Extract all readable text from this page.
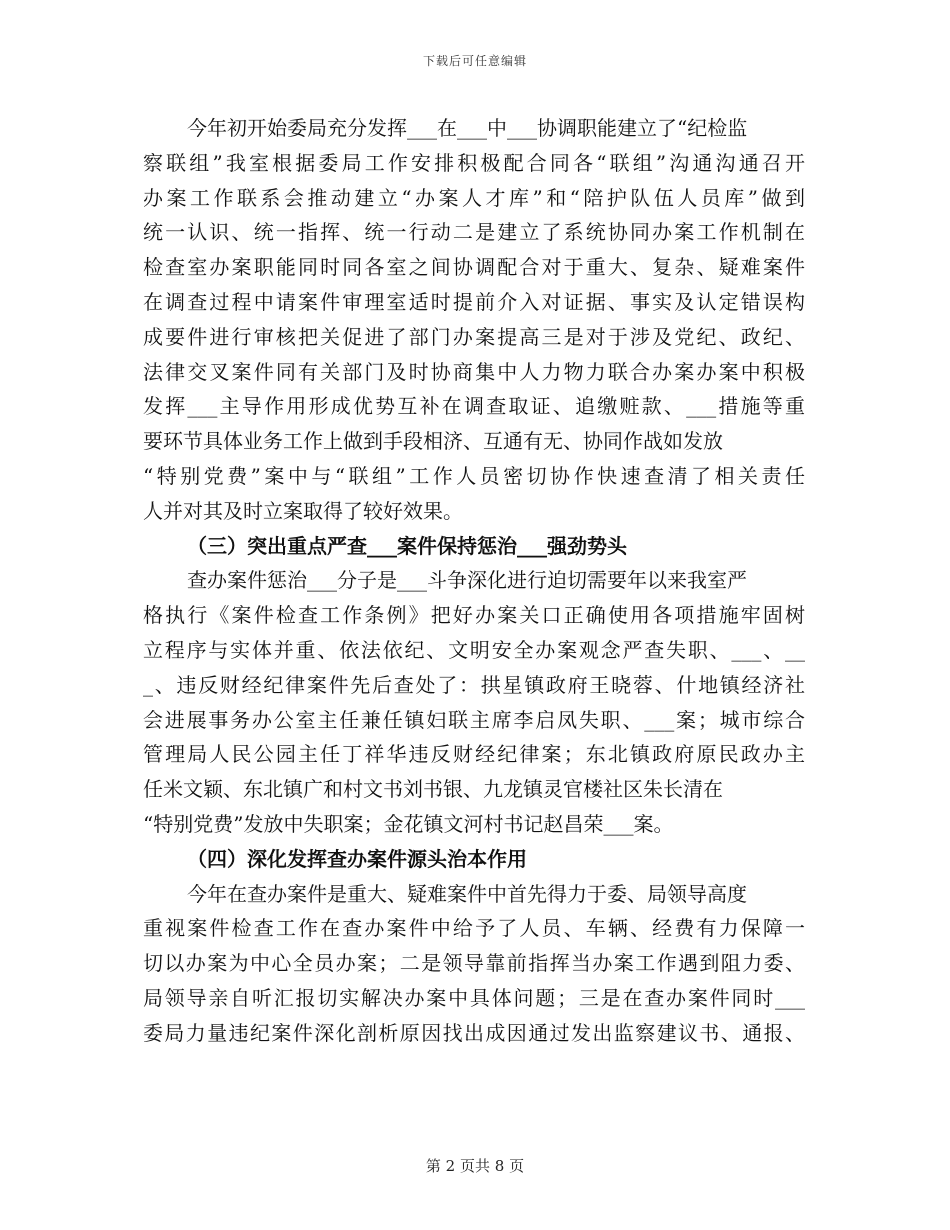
下载后可任意编辑
今年初开始委局充分发挥___在___中___协调职能建立了“纪检监
察联组”我室根据委局工作安排积极配合同各“联组”沟通沟通召开
办案工作联系会推动建立“办案人才库”和“陪护队伍人员库”做到
统一认识、统一指挥、统一行动二是建立了系统协同办案工作机制在
检查室办案职能同时同各室之间协调配合对于重大、复杂、疑难案件
在调查过程中请案件审理室适时提前介入对证据、事实及认定错误构
成要件进行审核把关促进了部门办案提高三是对于涉及党纪、政纪、
法律交叉案件同有关部门及时协商集中人力物力联合办案办案中积极
发挥___主导作用形成优势互补在调查取证、追缴赃款、___措施等重
要环节具体业务工作上做到手段相济、互通有无、协同作战如发放
“特别党费”案中与“联组”工作人员密切协作快速查清了相关责任
人并对其及时立案取得了较好效果。
（三）突出重点严查___案件保持惩治___强劲势头
查办案件惩治___分子是___斗争深化进行迫切需要年以来我室严
格执行《案件检查工作条例》把好办案关口正确使用各项措施牢固树
立程序与实体并重、依法依纪、文明安全办案观念严查失职、___、__
_、违反财经纪律案件先后查处了：拱星镇政府王晓蓉、什地镇经济社
会进展事务办公室主任兼任镇妇联主席李启凤失职、___案；城市综合
管理局人民公园主任丁祥华违反财经纪律案；东北镇政府原民政办主
任米文颖、东北镇广和村文书刘书银、九龙镇灵官楼社区朱长清在
“特别党费”发放中失职案；金花镇文河村书记赵昌荣___案。
（四）深化发挥查办案件源头治本作用
今年在查办案件是重大、疑难案件中首先得力于委、局领导高度
重视案件检查工作在查办案件中给予了人员、车辆、经费有力保障一
切以办案为中心全员办案；二是领导靠前指挥当办案工作遇到阻力委、
局领导亲自听汇报切实解决办案中具体问题；三是在查办案件同时___
委局力量违纪案件深化剖析原因找出成因通过发出监察建议书、通报、
第 2 页共 8 页
